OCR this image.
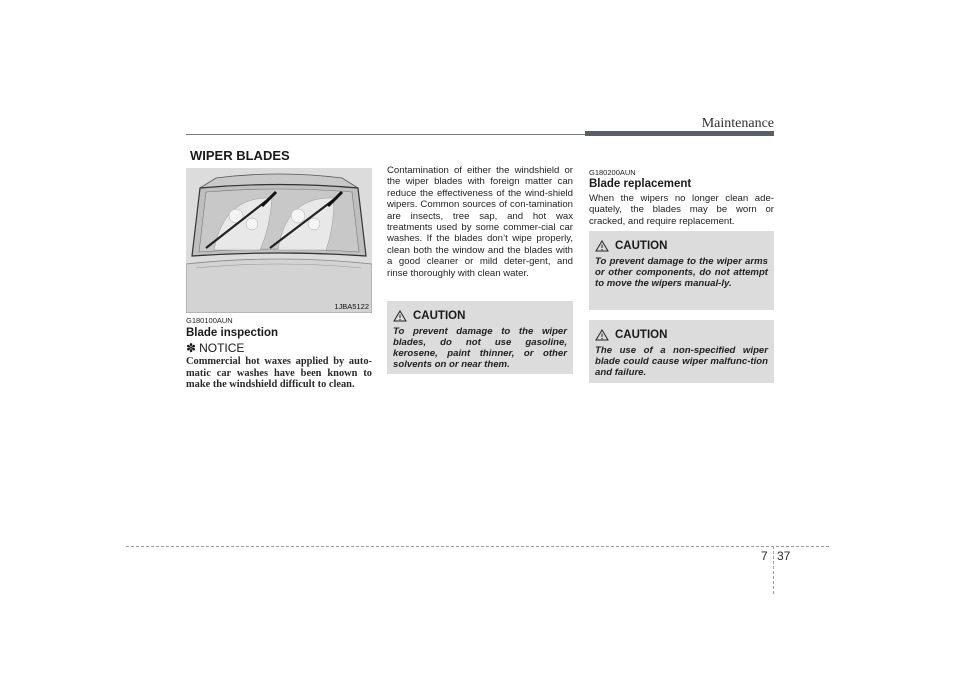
Maintenance
WIPER BLADES
1JBA5122
G180100AUN
Blade inspection
✽ NOTICE
Commercial hot waxes applied by auto-matic car washes have been known to make the windshield difficult to clean.
Contamination of either the windshield or the wiper blades with foreign matter can reduce the effectiveness of the wind-shield wipers. Common sources of con-tamination are insects, tree sap, and hot wax treatments used by some commer-cial car washes. If the blades don’t wipe properly, clean both the window and the blades with a good cleaner or mild deter-gent, and rinse thoroughly with clean water.
CAUTION
To prevent damage to the wiper blades, do not use gasoline, kerosene, paint thinner, or other solvents on or near them.
G180200AUN
Blade replacement
When the wipers no longer clean ade-quately, the blades may be worn or cracked, and require replacement.
CAUTION
To prevent damage to the wiper arms or other components, do not attempt to move the wipers manual-ly.
CAUTION
The use of a non-specified wiper blade could cause wiper malfunc-tion and failure.
7 37
